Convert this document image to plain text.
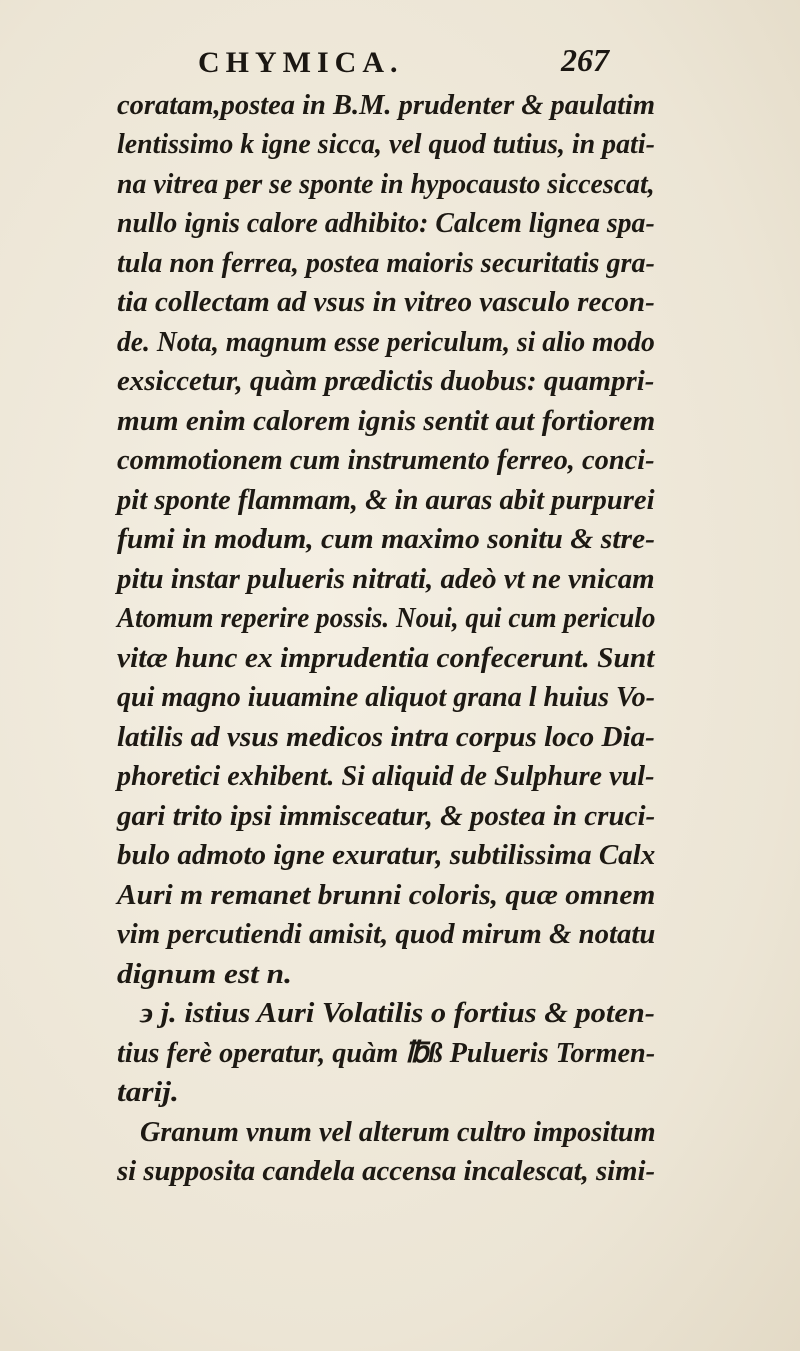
CHYMICA.	267
coratam,postea in B.M. prudenter & paulatim
lentissimo k igne sicca, vel quod tutius, in pati-
na vitrea per se sponte in hypocausto siccescat,
nullo ignis calore adhibito: Calcem lignea spa-
tula non ferrea, postea maioris securitatis gra-
tia collectam ad vsus in vitreo vasculo recon-
de. Nota, magnum esse periculum, si alio modo
exsiccetur, quàm prædictis duobus: quampri-
mum enim calorem ignis sentit aut fortiorem
commotionem cum instrumento ferreo, conci-
pit sponte flammam, & in auras abit purpurei
fumi in modum, cum maximo sonitu & stre-
pitu instar pulueris nitrati, adeò vt ne vnicam
Atomum reperire possis. Noui, qui cum periculo
vitæ hunc ex imprudentia confecerunt. Sunt
qui magno iuuamine aliquot grana l huius Vo-
latilis ad vsus medicos intra corpus loco Dia-
phoretici exhibent. Si aliquid de Sulphure vul-
gari trito ipsi immisceatur, & postea in cruci-
bulo admoto igne exuratur, subtilissima Calx
Auri m remanet brunni coloris, quæ omnem
vim percutiendi amisit, quod mirum & notatu
dignum est n.
϶ j. istius Auri Volatilis o fortius & poten-
tius ferè operatur, quàm ℔ß Pulueris Tormen-
tarij.
Granum vnum vel alterum cultro impositum
si supposita candela accensa incalescat, simi-
